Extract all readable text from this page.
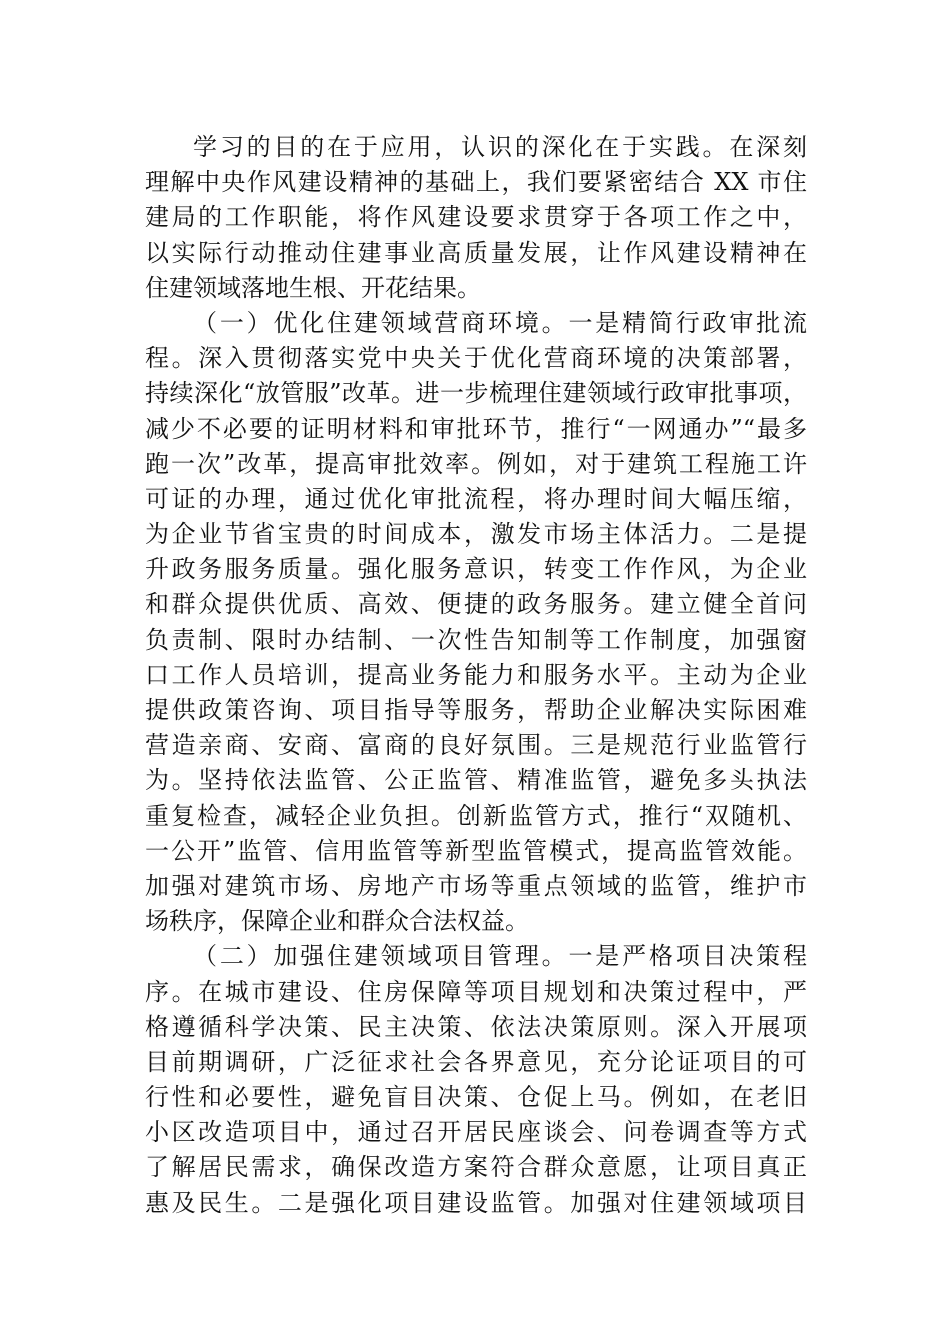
学习的目的在于应用，认识的深化在于实践。在深刻
理解中央作风建设精神的基础上，我们要紧密结合 XX 市住
建局的工作职能，将作风建设要求贯穿于各项工作之中，
以实际行动推动住建事业高质量发展，让作风建设精神在
住建领域落地生根、开花结果。
（一）优化住建领域营商环境。一是精简行政审批流
程。深入贯彻落实党中央关于优化营商环境的决策部署，
持续深化“放管服”改革。进一步梳理住建领域行政审批事项，
减少不必要的证明材料和审批环节，推行“一网通办”“最多
跑一次”改革，提高审批效率。例如，对于建筑工程施工许
可证的办理，通过优化审批流程，将办理时间大幅压缩，
为企业节省宝贵的时间成本，激发市场主体活力。二是提
升政务服务质量。强化服务意识，转变工作作风，为企业
和群众提供优质、高效、便捷的政务服务。建立健全首问
负责制、限时办结制、一次性告知制等工作制度，加强窗
口工作人员培训，提高业务能力和服务水平。主动为企业
提供政策咨询、项目指导等服务，帮助企业解决实际困难
营造亲商、安商、富商的良好氛围。三是规范行业监管行
为。坚持依法监管、公正监管、精准监管，避免多头执法
重复检查，减轻企业负担。创新监管方式，推行“双随机、
一公开”监管、信用监管等新型监管模式，提高监管效能。
加强对建筑市场、房地产市场等重点领域的监管，维护市
场秩序，保障企业和群众合法权益。
（二）加强住建领域项目管理。一是严格项目决策程
序。在城市建设、住房保障等项目规划和决策过程中，严
格遵循科学决策、民主决策、依法决策原则。深入开展项
目前期调研，广泛征求社会各界意见，充分论证项目的可
行性和必要性，避免盲目决策、仓促上马。例如，在老旧
小区改造项目中，通过召开居民座谈会、问卷调查等方式
了解居民需求，确保改造方案符合群众意愿，让项目真正
惠及民生。二是强化项目建设监管。加强对住建领域项目
